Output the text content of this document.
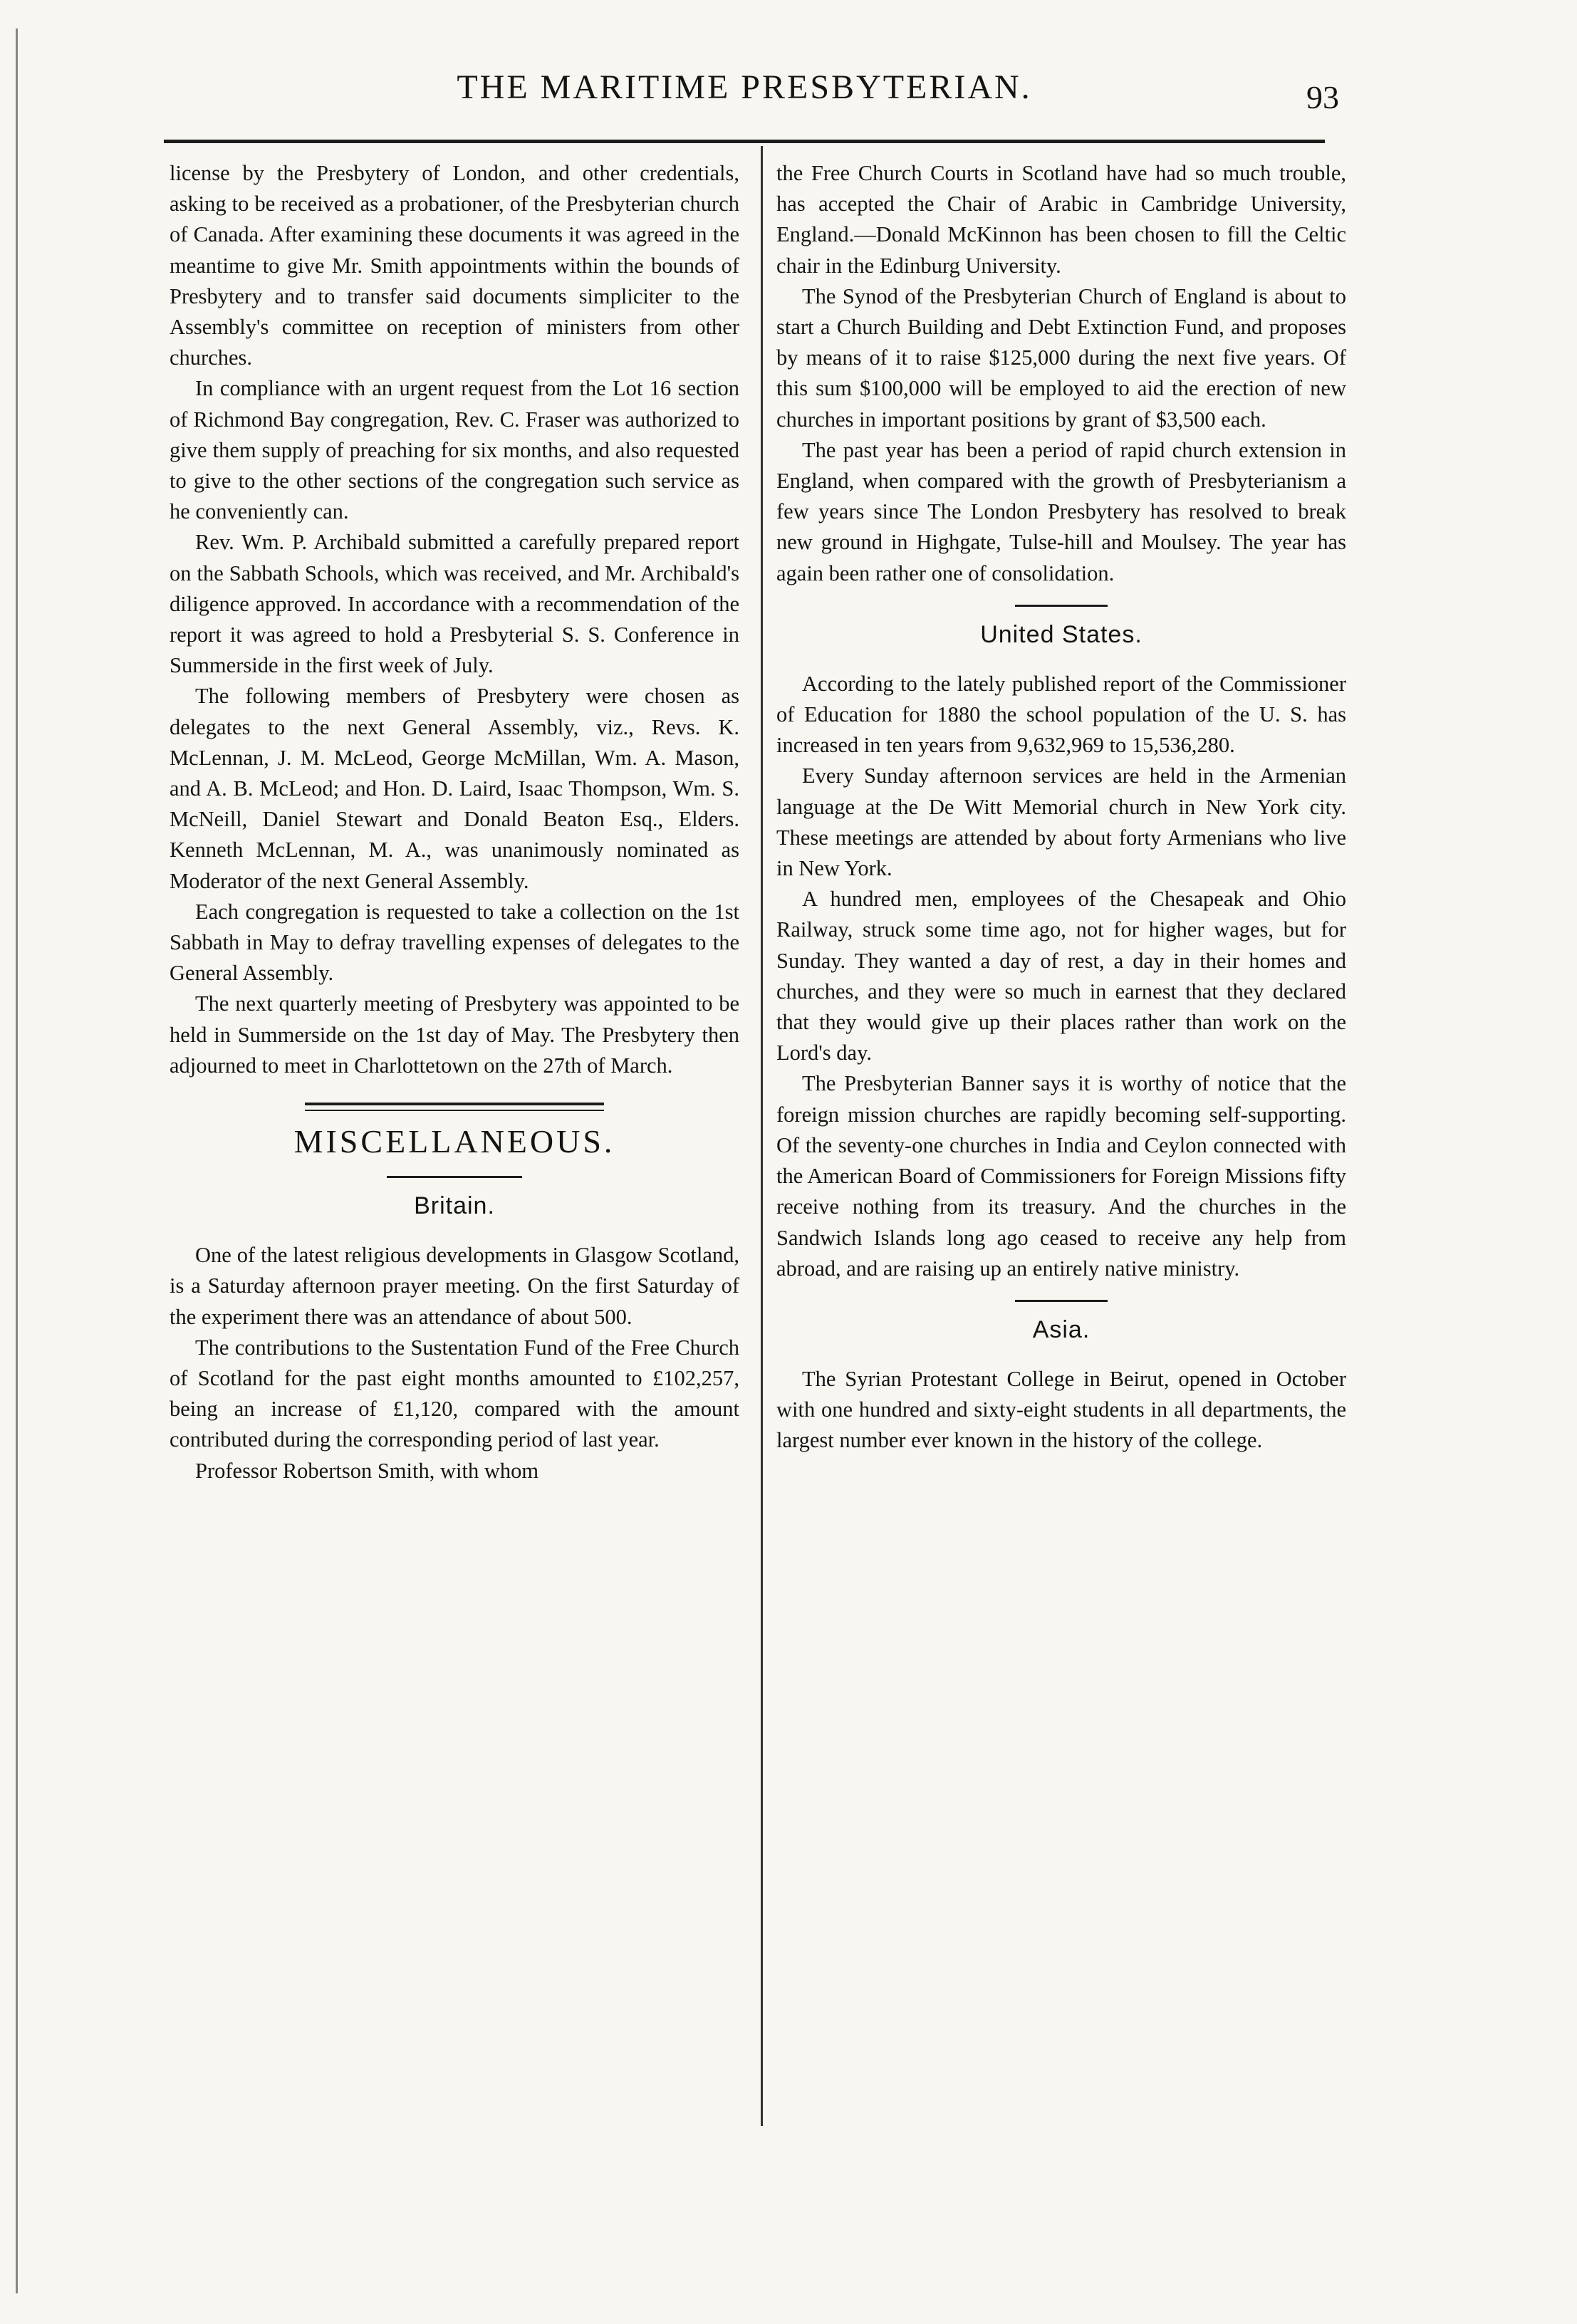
THE MARITIME PRESBYTERIAN.	93

license by the Presbytery of London, and other credentials, asking to be received as a probationer, of the Presbyterian church of Canada. After examining these documents it was agreed in the meantime to give Mr. Smith appointments within the bounds of Presbytery and to transfer said documents simpliciter to the Assembly's committee on reception of ministers from other churches.

In compliance with an urgent request from the Lot 16 section of Richmond Bay congregation, Rev. C. Fraser was authorized to give them supply of preaching for six months, and also requested to give to the other sections of the congregation such service as he conveniently can.

Rev. Wm. P. Archibald submitted a carefully prepared report on the Sabbath Schools, which was received, and Mr. Archibald's diligence approved. In accordance with a recommendation of the report it was agreed to hold a Presbyterial S. S. Conference in Summerside in the first week of July.

The following members of Presbytery were chosen as delegates to the next General Assembly, viz., Revs. K. McLennan, J. M. McLeod, George McMillan, Wm. A. Mason, and A. B. McLeod; and Hon. D. Laird, Isaac Thompson, Wm. S. McNeill, Daniel Stewart and Donald Beaton Esq., Elders. Kenneth McLennan, M. A., was unanimously nominated as Moderator of the next General Assembly.

Each congregation is requested to take a collection on the 1st Sabbath in May to defray travelling expenses of delegates to the General Assembly.

The next quarterly meeting of Presbytery was appointed to be held in Summerside on the 1st day of May. The Presbytery then adjourned to meet in Charlottetown on the 27th of March.

MISCELLANEOUS.
Britain.

One of the latest religious developments in Glasgow Scotland, is a Saturday afternoon prayer meeting. On the first Saturday of the experiment there was an attendance of about 500.

The contributions to the Sustentation Fund of the Free Church of Scotland for the past eight months amounted to £102,257, being an increase of £1,120, compared with the amount contributed during the corresponding period of last year.

Professor Robertson Smith, with whom

the Free Church Courts in Scotland have had so much trouble, has accepted the Chair of Arabic in Cambridge University, England.—Donald McKinnon has been chosen to fill the Celtic chair in the Edinburg University.

The Synod of the Presbyterian Church of England is about to start a Church Building and Debt Extinction Fund, and proposes by means of it to raise $125,000 during the next five years. Of this sum $100,000 will be employed to aid the erection of new churches in important positions by grant of $3,500 each.

The past year has been a period of rapid church extension in England, when compared with the growth of Presbyterianism a few years since The London Presbytery has resolved to break new ground in Highgate, Tulse-hill and Moulsey. The year has again been rather one of consolidation.

United States.

According to the lately published report of the Commissioner of Education for 1880 the school population of the U. S. has increased in ten years from 9,632,969 to 15,536,280.

Every Sunday afternoon services are held in the Armenian language at the De Witt Memorial church in New York city. These meetings are attended by about forty Armenians who live in New York.

A hundred men, employees of the Chesapeak and Ohio Railway, struck some time ago, not for higher wages, but for Sunday. They wanted a day of rest, a day in their homes and churches, and they were so much in earnest that they declared that they would give up their places rather than work on the Lord's day.

The Presbyterian Banner says it is worthy of notice that the foreign mission churches are rapidly becoming self-supporting. Of the seventy-one churches in India and Ceylon connected with the American Board of Commissioners for Foreign Missions fifty receive nothing from its treasury. And the churches in the Sandwich Islands long ago ceased to receive any help from abroad, and are raising up an entirely native ministry.

Asia.

The Syrian Protestant College in Beirut, opened in October with one hundred and sixty-eight students in all departments, the largest number ever known in the history of the college.
